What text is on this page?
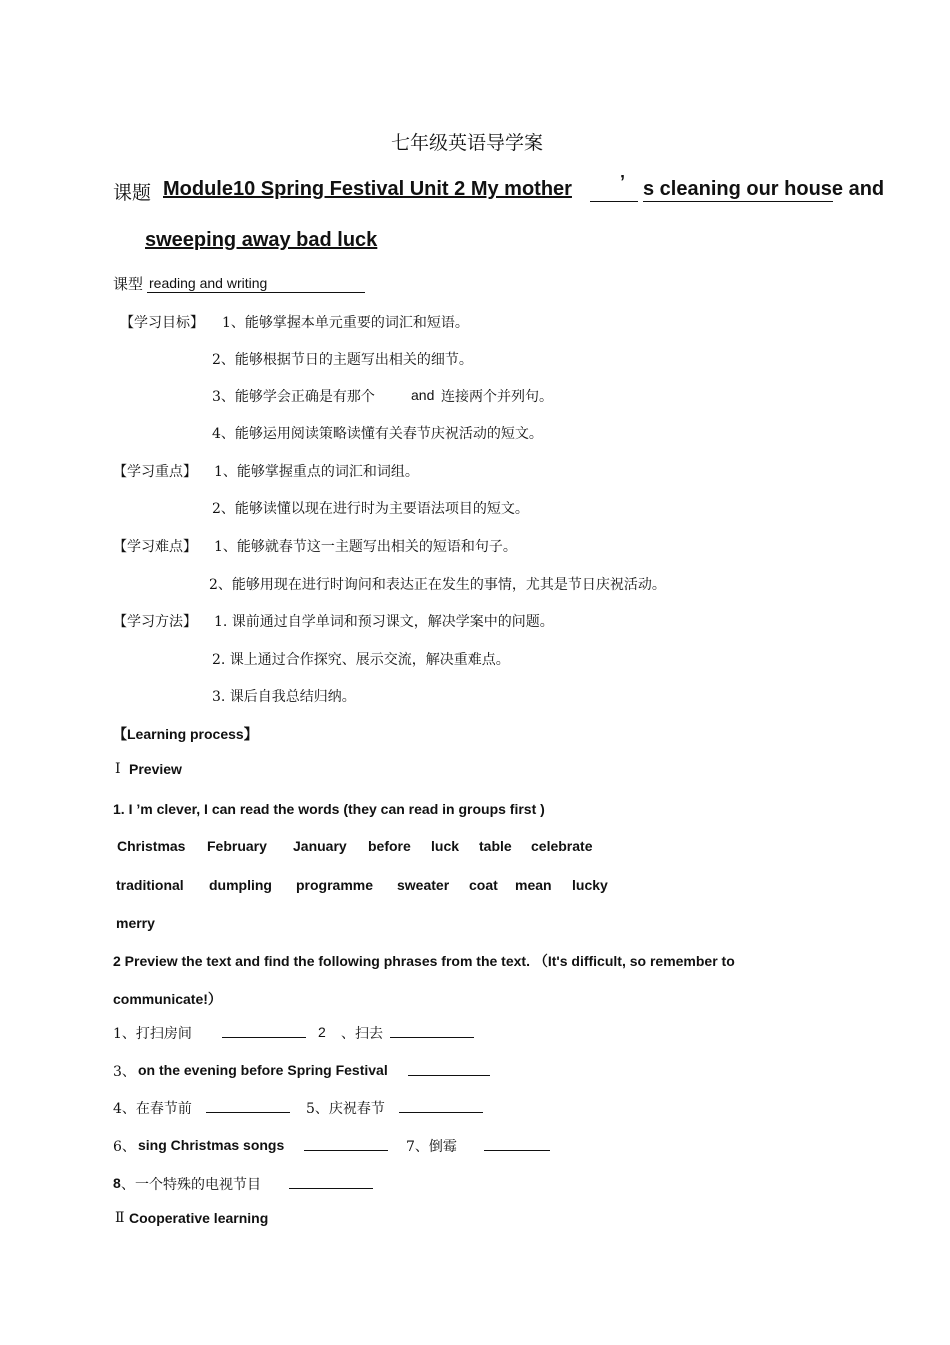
七年级英语导学案
课题 Module10 Spring Festival Unit 2 My mother	’ s cleaning our house and
sweeping away bad luck
课型 reading and writing
【学习目标】 1、能够掌握本单元重要的词汇和短语。
2、能够根据节日的主题写出相关的细节。
3、能够学会正确是有那个	and 连接两个并列句。
4、能够运用阅读策略读懂有关春节庆祝活动的短文。
【学习重点】 1、能够掌握重点的词汇和词组。
2、能够读懂以现在进行时为主要语法项目的短文。
【学习难点】 1、能够就春节这一主题写出相关的短语和句子。
2、能够用现在进行时询问和表达正在发生的事情，尤其是节日庆祝活动。
【学习方法】 1. 课前通过自学单词和预习课文，解决学案中的问题。
2. 课上通过合作探究、展示交流，解决重难点。
3. 课后自我总结归纳。
【Learning process】
Ⅰ Preview
1. I ’m clever, I can read the words (they can read in groups first )
Christmas February January before luck table celebrate
traditional dumpling programme sweater coat mean lucky
merry
2 Preview the text and find the following phrases from the text. （It's difficult, so remember to
communicate!）
1、打扫房间	2 、扫去
3、 on the evening before Spring Festival
4、在春节前	5、庆祝春节
6、 sing Christmas songs	7、倒霉
8 、一个特殊的电视节目
Ⅱ Cooperative learning
